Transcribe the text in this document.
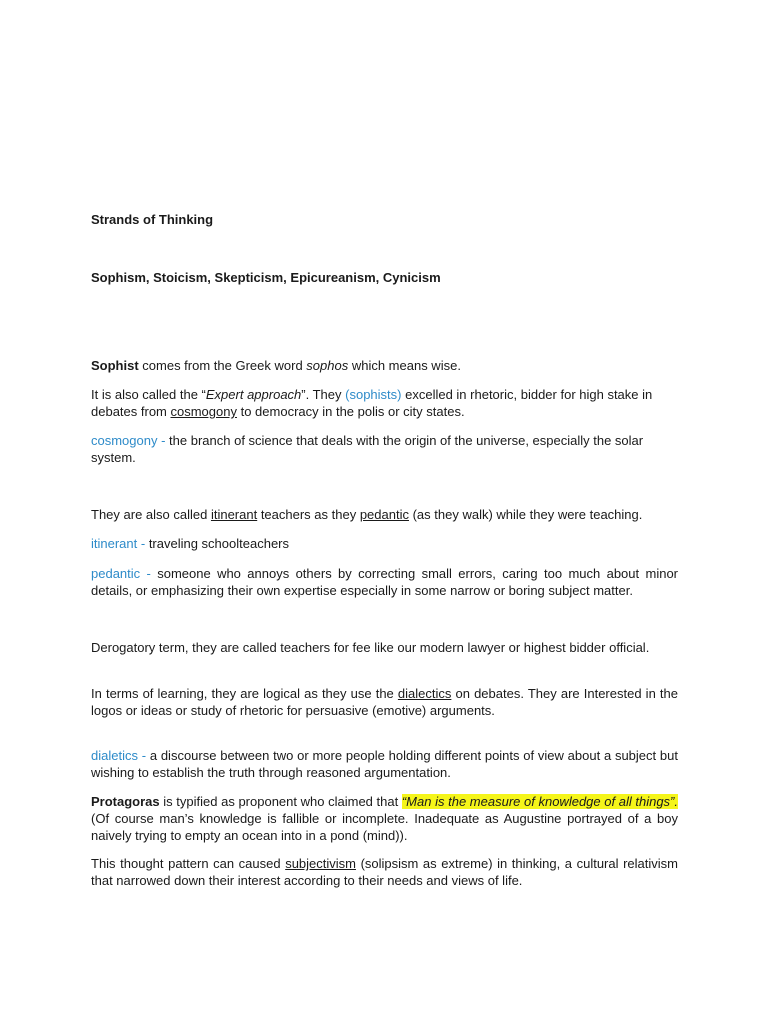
Strands of Thinking
Sophism, Stoicism, Skepticism, Epicureanism, Cynicism
Sophist comes from the Greek word sophos which means wise.
It is also called the “Expert approach”. They (sophists) excelled in rhetoric, bidder for high stake in debates from cosmogony to democracy in the polis or city states.
cosmogony - the branch of science that deals with the origin of the universe, especially the solar system.
They are also called itinerant teachers as they pedantic (as they walk) while they were teaching.
itinerant - traveling schoolteachers
pedantic - someone who annoys others by correcting small errors, caring too much about minor details, or emphasizing their own expertise especially in some narrow or boring subject matter.
Derogatory term, they are called teachers for fee like our modern lawyer or highest bidder official.
In terms of learning, they are logical as they use the dialectics on debates. They are Interested in the logos or ideas or study of rhetoric for persuasive (emotive) arguments.
dialetics - a discourse between two or more people holding different points of view about a subject but wishing to establish the truth through reasoned argumentation.
Protagoras is typified as proponent who claimed that “Man is the measure of knowledge of all things”. (Of course man’s knowledge is fallible or incomplete. Inadequate as Augustine portrayed of a boy naively trying to empty an ocean into in a pond (mind)).
This thought pattern can caused subjectivism (solipsism as extreme) in thinking, a cultural relativism that narrowed down their interest according to their needs and views of life.
